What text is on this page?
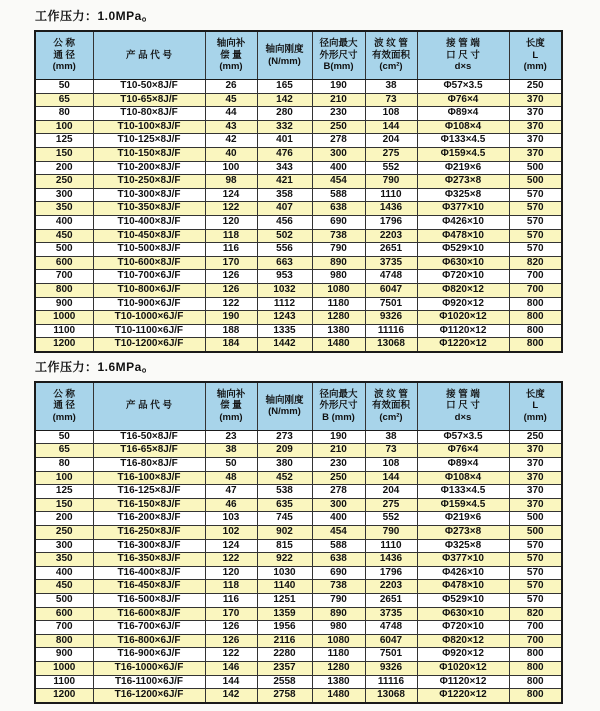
工作压力：1.0MPa。
公 称
通 径
(mm)

产 品 代 号

轴向补
偿 量
(mm)

轴向刚度
(N/mm)

径向最大
外形尺寸
B(mm)

波 纹 管
有效面积
(cm²)

接 管 端
口 尺 寸
d×s

长度
L
(mm)

50	T10-50×8J/F	26	165	190	38	Φ57×3.5	250
65	T10-65×8J/F	45	142	210	73	Φ76×4	370
80	T10-80×8J/F	44	280	230	108	Φ89×4	370
100	T10-100×8J/F	43	332	250	144	Φ108×4	370
125	T10-125×8J/F	42	401	278	204	Φ133×4.5	370
150	T10-150×8J/F	40	476	300	275	Φ159×4.5	370
200	T10-200×8J/F	100	343	400	552	Φ219×6	500
250	T10-250×8J/F	98	421	454	790	Φ273×8	500
300	T10-300×8J/F	124	358	588	1110	Φ325×8	570
350	T10-350×8J/F	122	407	638	1436	Φ377×10	570
400	T10-400×8J/F	120	456	690	1796	Φ426×10	570
450	T10-450×8J/F	118	502	738	2203	Φ478×10	570
500	T10-500×8J/F	116	556	790	2651	Φ529×10	570
600	T10-600×8J/F	170	663	890	3735	Φ630×10	820
700	T10-700×6J/F	126	953	980	4748	Φ720×10	700
800	T10-800×6J/F	126	1032	1080	6047	Φ820×12	700
900	T10-900×6J/F	122	1112	1180	7501	Φ920×12	800
1000	T10-1000×6J/F	190	1243	1280	9326	Φ1020×12	800
1100	T10-1100×6J/F	188	1335	1380	11116	Φ1120×12	800
1200	T10-1200×6J/F	184	1442	1480	13068	Φ1220×12	800
工作压力：1.6MPa。
公 称
通 径
(mm)

产 品 代 号

轴向补
偿 量
(mm)

轴向刚度
(N/mm)

径向最大
外形尺寸
B (mm)

波 纹 管
有效面积
(cm²)

接 管 端
口 尺 寸
d×s

长度
L
(mm)

50	T16-50×8J/F	23	273	190	38	Φ57×3.5	250
65	T16-65×8J/F	38	209	210	73	Φ76×4	370
80	T16-80×8J/F	50	380	230	108	Φ89×4	370
100	T16-100×8J/F	48	452	250	144	Φ108×4	370
125	T16-125×8J/F	47	538	278	204	Φ133×4.5	370
150	T16-150×8J/F	46	635	300	275	Φ159×4.5	370
200	T16-200×8J/F	103	745	400	552	Φ219×6	500
250	T16-250×8J/F	102	902	454	790	Φ273×8	500
300	T16-300×8J/F	124	815	588	1110	Φ325×8	570
350	T16-350×8J/F	122	922	638	1436	Φ377×10	570
400	T16-400×8J/F	120	1030	690	1796	Φ426×10	570
450	T16-450×8J/F	118	1140	738	2203	Φ478×10	570
500	T16-500×8J/F	116	1251	790	2651	Φ529×10	570
600	T16-600×8J/F	170	1359	890	3735	Φ630×10	820
700	T16-700×6J/F	126	1956	980	4748	Φ720×10	700
800	T16-800×6J/F	126	2116	1080	6047	Φ820×12	700
900	T16-900×6J/F	122	2280	1180	7501	Φ920×12	800
1000	T16-1000×6J/F	146	2357	1280	9326	Φ1020×12	800
1100	T16-1100×6J/F	144	2558	1380	11116	Φ1120×12	800
1200	T16-1200×6J/F	142	2758	1480	13068	Φ1220×12	800
